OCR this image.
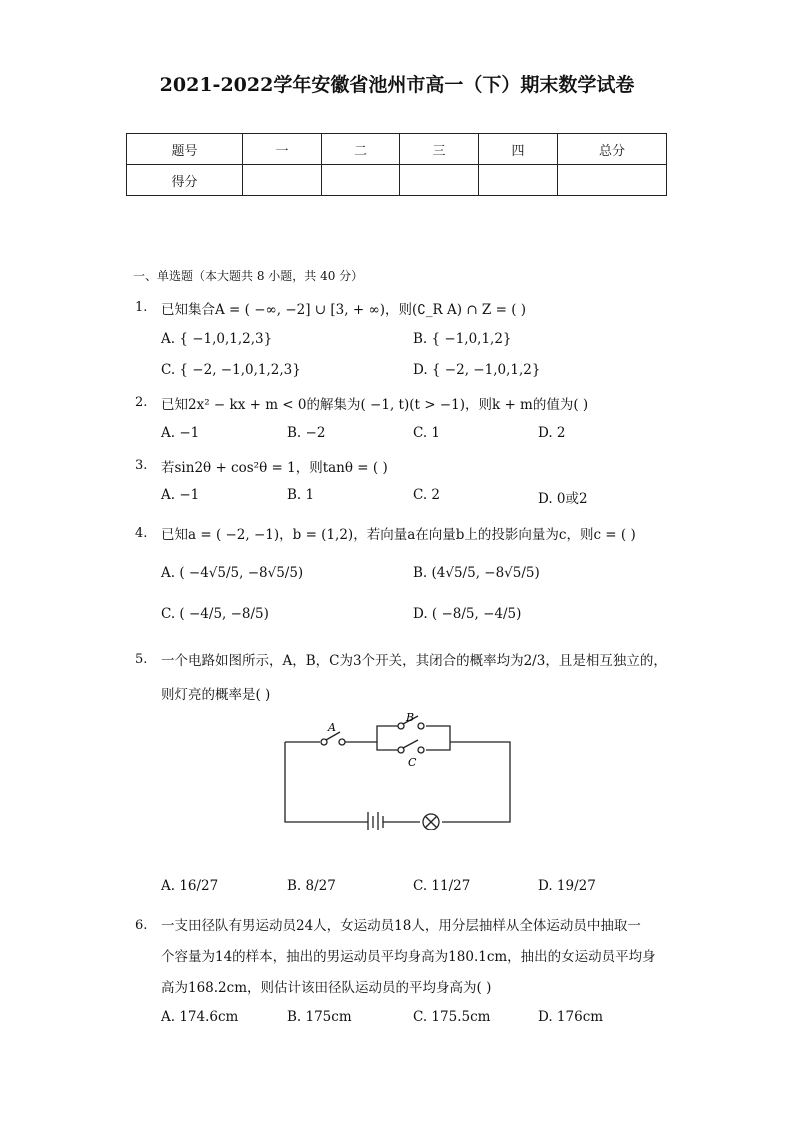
2021-2022学年安徽省池州市高一（下）期末数学试卷
题号	一	二	三	四	总分
得分					
一、单选题（本大题共 8 小题，共 40 分）
1. 已知集合A = ( −∞, −2] ∪ [3, + ∞)，则(∁_R A) ∩ Z = ( )
A. { −1,0,1,2,3}	B. { −1,0,1,2}
C. { −2, −1,0,1,2,3}	D. { −2, −1,0,1,2}
2. 已知2x² − kx + m < 0的解集为( −1, t)(t > −1)，则k + m的值为( )
A. −1	B. −2	C. 1	D. 2
3. 若sin2θ + cos²θ = 1，则tanθ = ( )
A. −1	B. 1	C. 2	D. 0或2
4. 已知a = ( −2, −1)，b = (1,2)，若向量a在向量b上的投影向量为c，则c = ( )
A. ( −4√5/5, −8√5/5)	B. (4√5/5, −8√5/5)
C. ( −4/5, −8/5)	D. ( −8/5, −4/5)
5. 一个电路如图所示，A，B，C为3个开关，其闭合的概率均为2/3，且是相互独立的，
则灯亮的概率是( )
A
B
C
A. 16/27	B. 8/27	C. 11/27	D. 19/27
6. 一支田径队有男运动员24人，女运动员18人，用分层抽样从全体运动员中抽取一
个容量为14的样本，抽出的男运动员平均身高为180.1cm，抽出的女运动员平均身
高为168.2cm，则估计该田径队运动员的平均身高为( )
A. 174.6cm	B. 175cm	C. 175.5cm	D. 176cm
